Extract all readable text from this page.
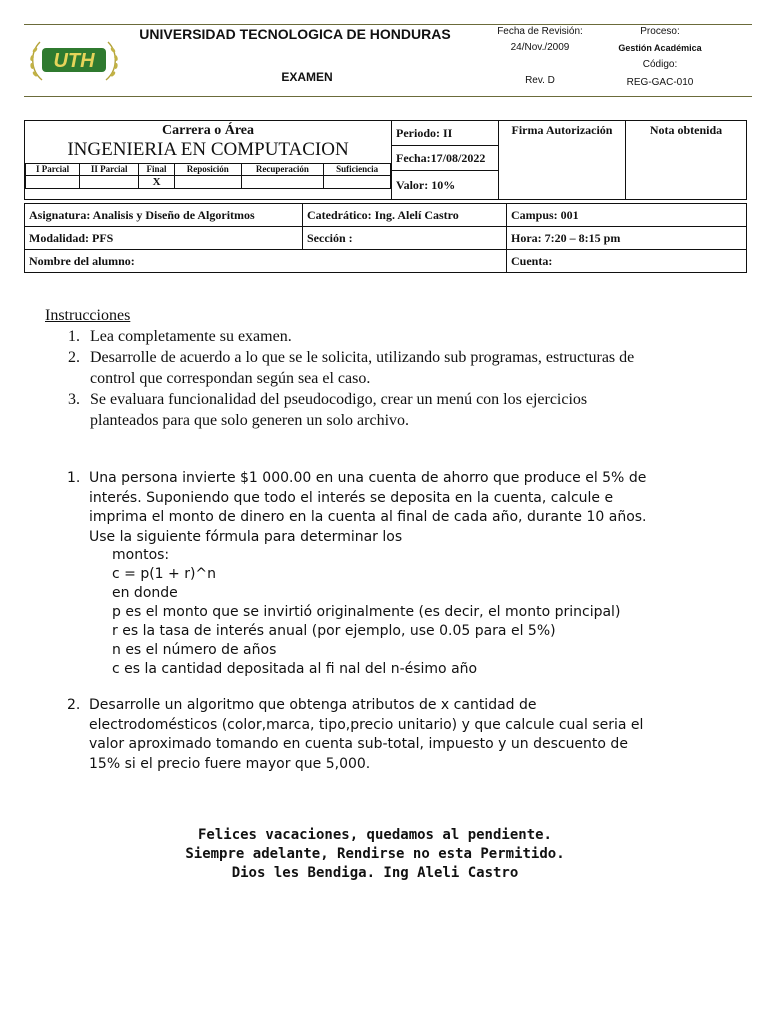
UTH
UNIVERSIDAD TECNOLOGICA DE HONDURAS
EXAMEN
Fecha de Revisión:
24/Nov./2009
Rev. D
Proceso:
Gestión Académica
Código:
REG-GAC-010
Carrera o Área
INGENIERIA EN COMPUTACION
I Parcial	II Parcial	Final	Reposición	Recuperación	Suficiencia
		X			

Periodo: II
Fecha:17/08/2022
Valor: 10%
	Firma Autorización	Nota obtenida
Asignatura: Analisis y Diseño de Algoritmos	Catedrático: Ing. Alelí Castro	Campus: 001
Modalidad: PFS	Sección :	Hora: 7:20 – 8:15 pm
Nombre del alumno:		Cuenta:
Instrucciones
1. Lea completamente su examen.
2. Desarrolle de acuerdo a lo que se le solicita, utilizando sub programas, estructuras de
control que correspondan según sea el caso.
3. Se evaluara funcionalidad del pseudocodigo, crear un menú con los ejercicios
planteados para que solo generen un solo archivo.
1. Una persona invierte $1 000.00 en una cuenta de ahorro que produce el 5% de
interés. Suponiendo que todo el interés se deposita en la cuenta, calcule e
imprima el monto de dinero en la cuenta al final de cada año, durante 10 años.
Use la siguiente fórmula para determinar los
montos:
c = p(1 + r)^n
en donde
p es el monto que se invirtió originalmente (es decir, el monto principal)
r es la tasa de interés anual (por ejemplo, use 0.05 para el 5%)
n es el número de años
c es la cantidad depositada al fi nal del n-ésimo año
2. Desarrolle un algoritmo que obtenga atributos de x cantidad de
electrodomésticos (color,marca, tipo,precio unitario) y que calcule cual seria el
valor aproximado tomando en cuenta sub-total, impuesto y un descuento de
15% si el precio fuere mayor que 5,000.
Felices vacaciones, quedamos al pendiente.
Siempre adelante, Rendirse no esta Permitido.
Dios les Bendiga. Ing Aleli Castro
